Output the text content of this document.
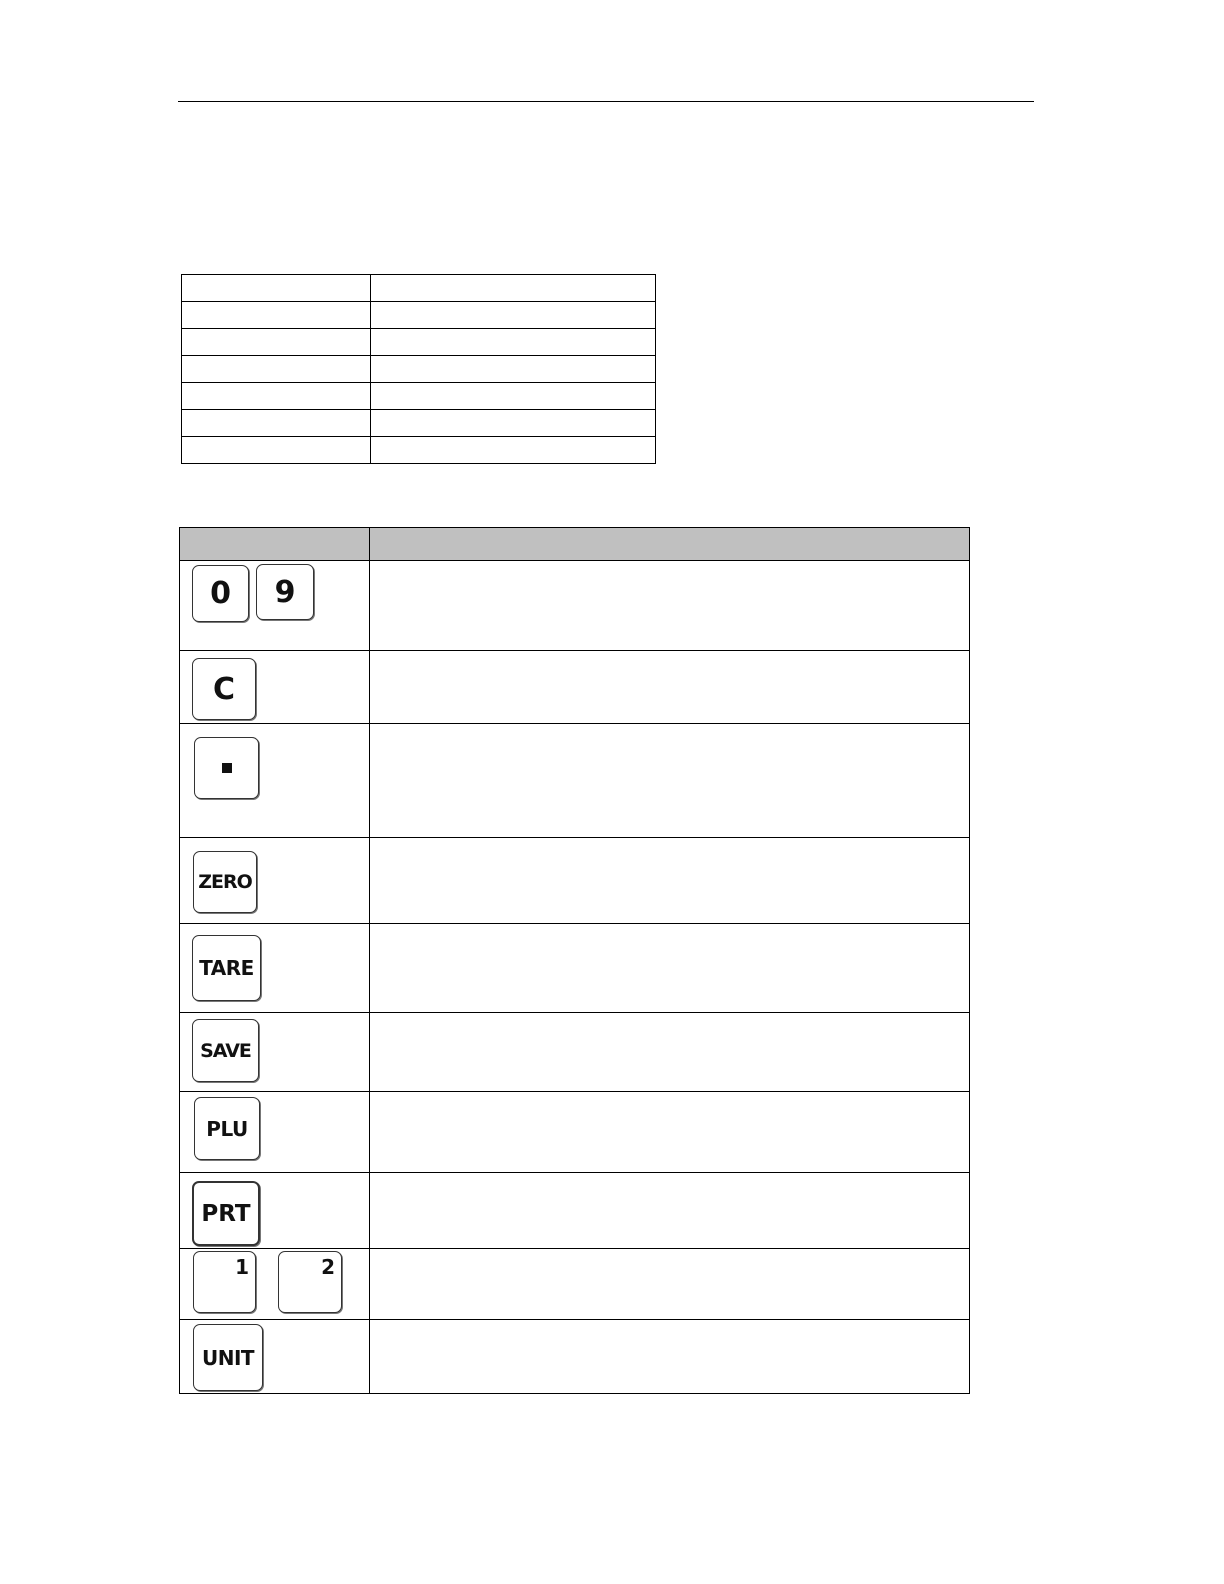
0 9	

C	

ZERO	

TARE	

SAVE	

PLU	

PRT	

1 2	

UNIT	
